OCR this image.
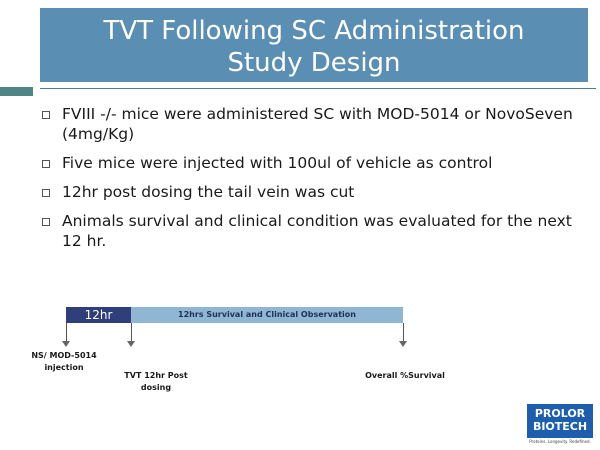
TVT Following SC Administration
Study Design
FVIII -/- mice were administered SC with MOD-5014 or NovoSeven (4mg/Kg)
Five mice were injected with 100ul of vehicle as control
12hr post dosing the tail vein was cut
Animals survival and clinical condition was evaluated for the next 12 hr.
12hr	12hrs Survival and Clinical Observation
NS/ MOD-5014 injection
TVT 12hr Post dosing
Overall %Survival
PROLOR
BIOTECH
Proteins. Longevity. Redefined.
